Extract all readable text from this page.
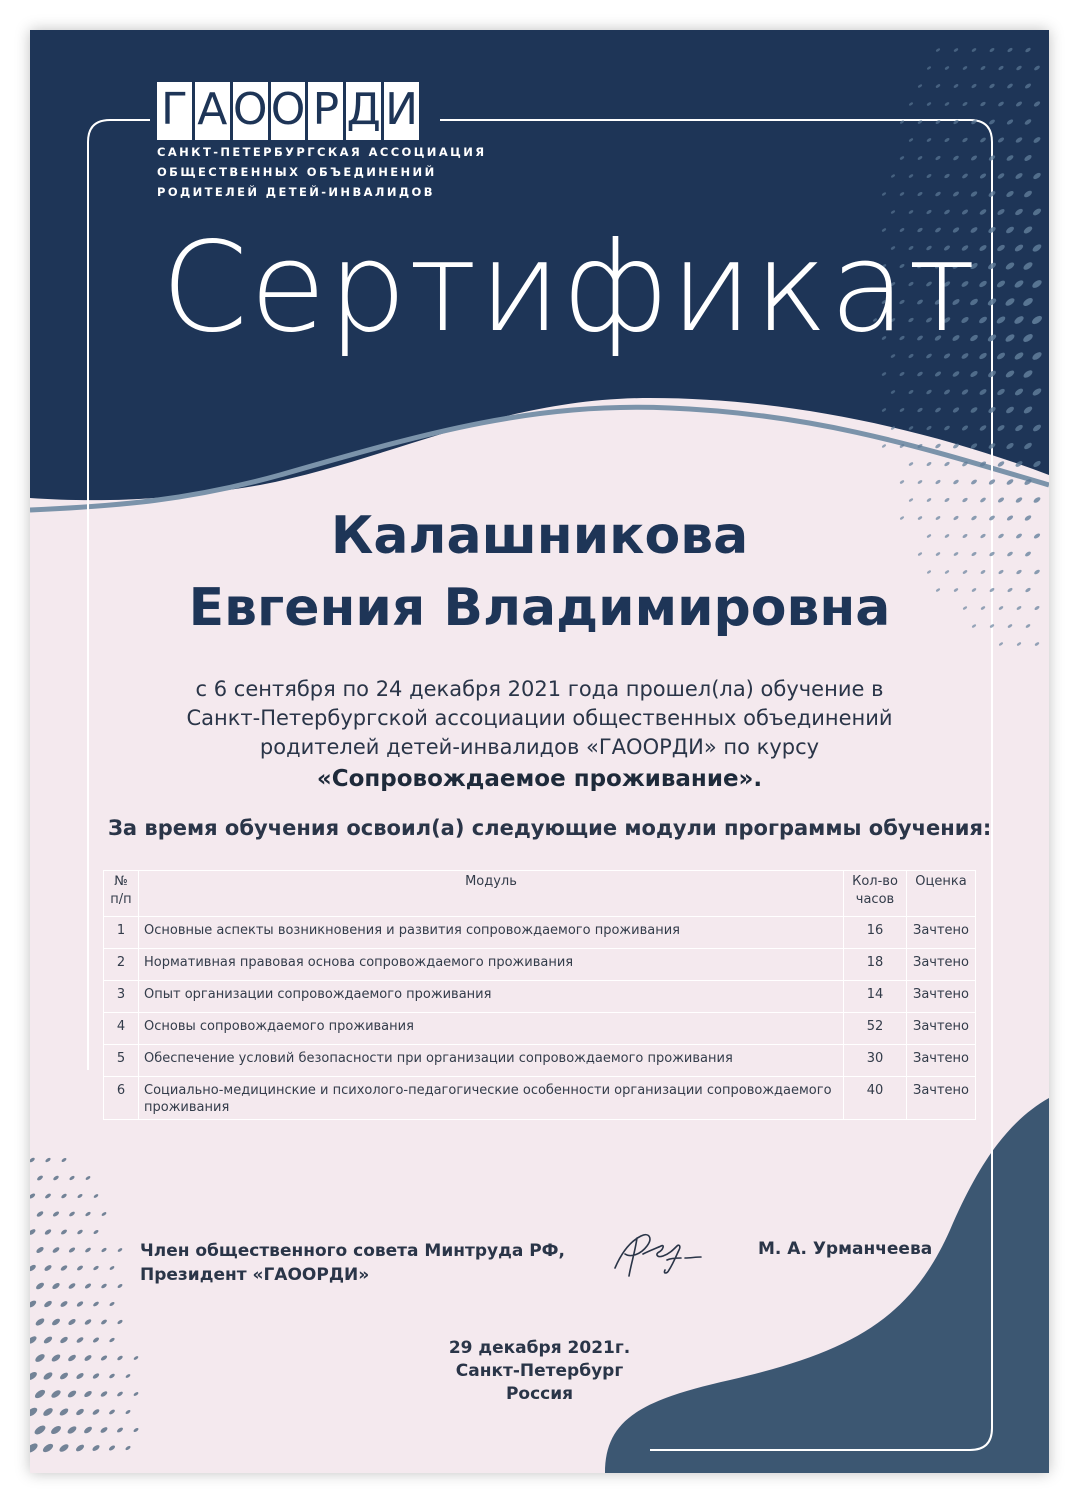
Г А О О Р Д И
САНКТ-ПЕТЕРБУРГСКАЯ АССОЦИАЦИЯ
ОБЩЕСТВЕННЫХ ОБЪЕДИНЕНИЙ
РОДИТЕЛЕЙ ДЕТЕЙ-ИНВАЛИДОВ
Сертификат
Калашникова
Евгения Владимировна
с 6 сентября по 24 декабря 2021 года прошел(ла) обучение в
Санкт-Петербургской ассоциации общественных объединений
родителей детей-инвалидов «ГАООРДИ» по курсу
«Сопровождаемое проживание».
За время обучения освоил(а) следующие модули программы обучения:
№ п/п	Модуль	Кол-во часов	Оценка
1	Основные аспекты возникновения и развития сопровождаемого проживания	16	Зачтено
2	Нормативная правовая основа сопровождаемого проживания	18	Зачтено
3	Опыт организации сопровождаемого проживания	14	Зачтено
4	Основы сопровождаемого проживания	52	Зачтено
5	Обеспечение условий безопасности при организации сопровождаемого проживания	30	Зачтено
6	Социально-медицинские и психолого-педагогические особенности организации сопровождаемого проживания	40	Зачтено
Член общественного совета Минтруда РФ,
Президент «ГАООРДИ»
М. А. Урманчеева
29 декабря 2021г.
Санкт-Петербург
Россия
